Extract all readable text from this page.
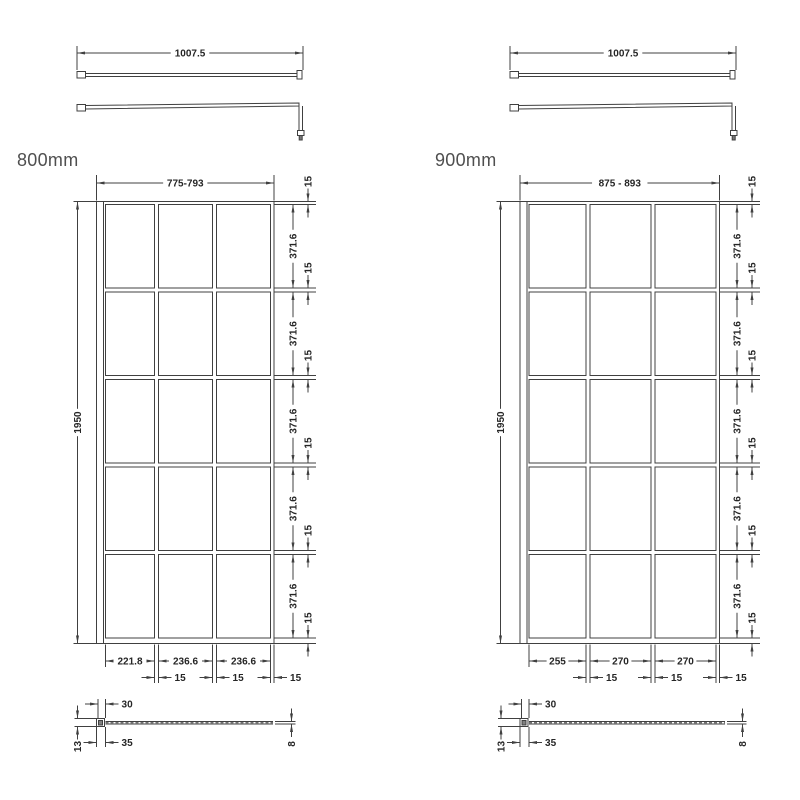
800mm	900mm
1007.5
775-793
1950
15
15
15
15
15
15
371.6
371.6
371.6
371.6
371.6
221.8	236.6	236.6
15	15	15
30
35
13	8
1007.5
875 - 893
1950
15
15
15
15
15
15
371.6
371.6
371.6
371.6
371.6
255	270	270
15	15	15
30
35
13	8
